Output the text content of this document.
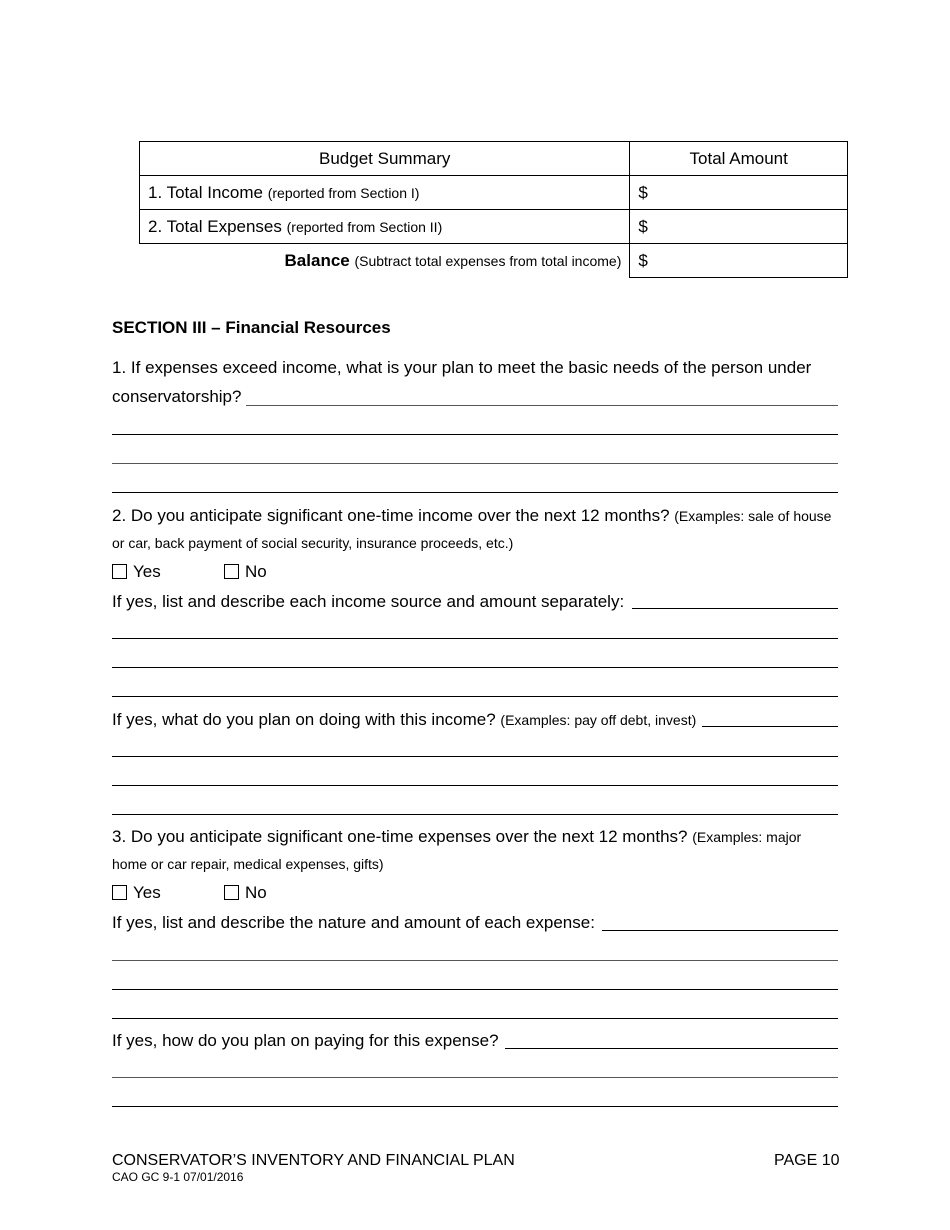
Budget Summary	Total Amount
1. Total Income (reported from Section I)	$
2. Total Expenses (reported from Section II)	$
Balance (Subtract total expenses from total income)	$
SECTION III – Financial Resources
1. If expenses exceed income, what is your plan to meet the basic needs of the person under
conservatorship?
2. Do you anticipate significant one-time income over the next 12 months? (Examples: sale of house
or car, back payment of social security, insurance proceeds, etc.)
Yes	No
If yes, list and describe each income source and amount separately:
If yes, what do you plan on doing with this income? (Examples: pay off debt, invest)
3. Do you anticipate significant one-time expenses over the next 12 months? (Examples: major
home or car repair, medical expenses, gifts)
Yes	No
If yes, list and describe the nature and amount of each expense:
If yes, how do you plan on paying for this expense?
CONSERVATOR’S INVENTORY AND FINANCIAL PLAN
CAO GC 9-1 07/01/2016
PAGE 10
